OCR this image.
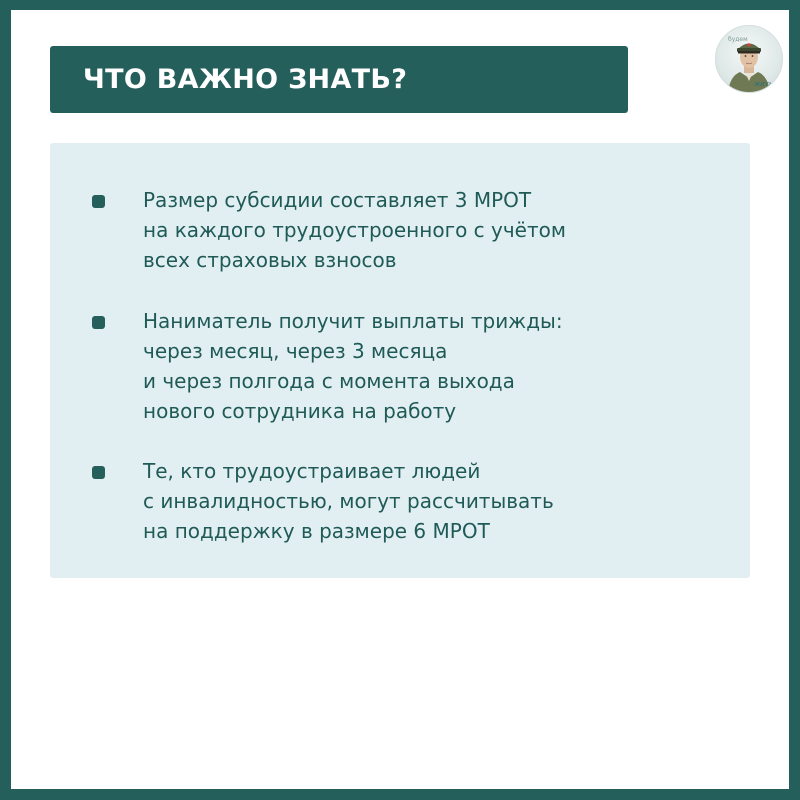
ЧТО ВАЖНО ЗНАТЬ?
будем
жить
Размер субсидии составляет 3 МРОТ
на каждого трудоустроенного с учётом
всех страховых взносов
Наниматель получит выплаты трижды:
через месяц, через 3 месяца
и через полгода с момента выхода
нового сотрудника на работу
Те, кто трудоустраивает людей
с инвалидностью, могут рассчитывать
на поддержку в размере 6 МРОТ
